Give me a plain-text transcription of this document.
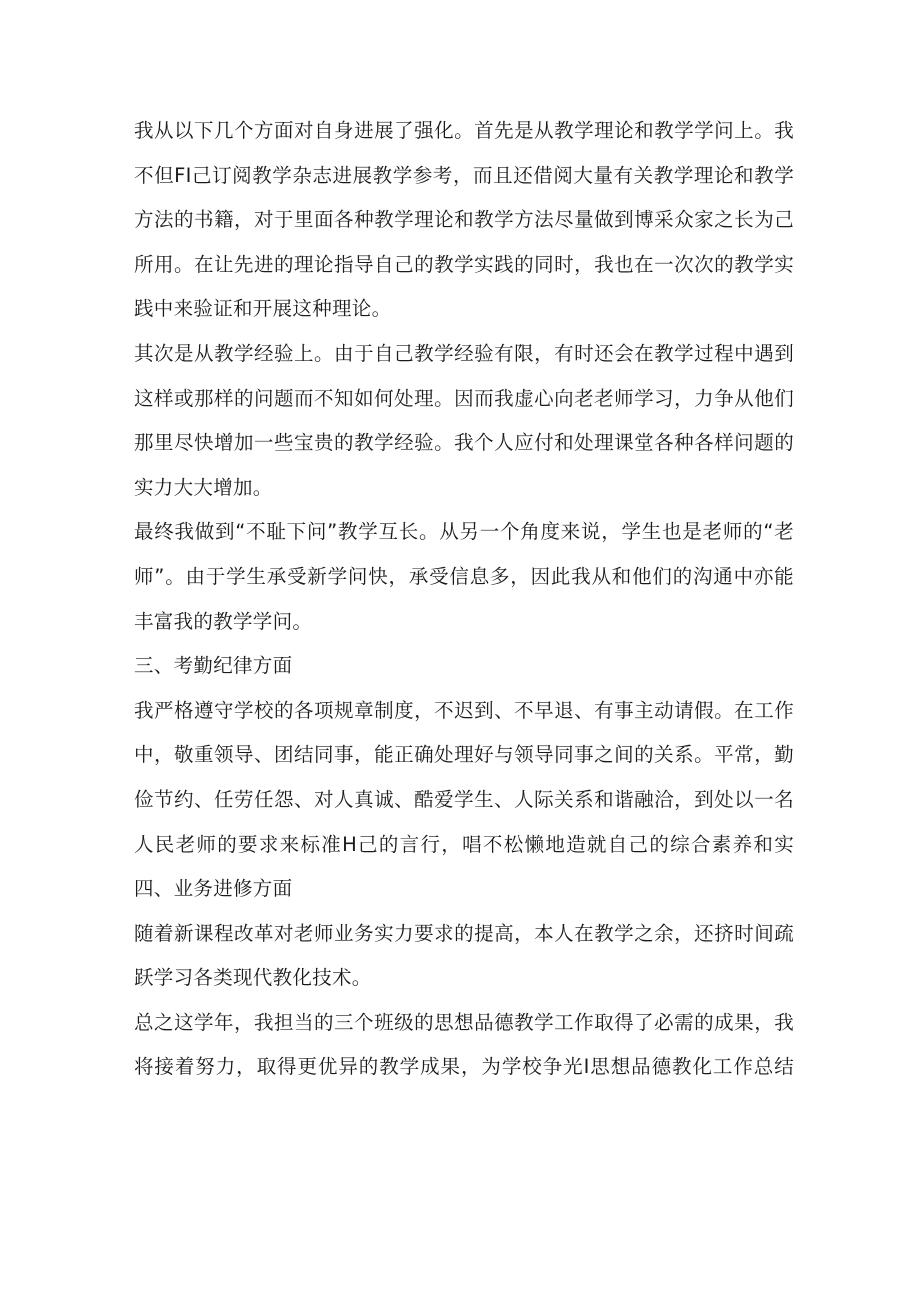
我从以下几个方面对自身进展了强化。首先是从教学理论和教学学问上。我
不但FI己订阅教学杂志进展教学参考，而且还借阅大量有关教学理论和教学
方法的书籍，对于里面各种教学理论和教学方法尽量做到博采众家之长为己
所用。在让先进的理论指导自己的教学实践的同时，我也在一次次的教学实
践中来验证和开展这种理论。
其次是从教学经验上。由于自己教学经验有限，有时还会在教学过程中遇到
这样或那样的问题而不知如何处理。因而我虚心向老老师学习，力争从他们
那里尽快增加一些宝贵的教学经验。我个人应付和处理课堂各种各样问题的
实力大大增加。
最终我做到“不耻下问”教学互长。从另一个角度来说，学生也是老师的“老
师”。由于学生承受新学问快，承受信息多，因此我从和他们的沟通中亦能
丰富我的教学学问。
三、考勤纪律方面
我严格遵守学校的各项规章制度，不迟到、不早退、有事主动请假。在工作
中，敬重领导、团结同事，能正确处理好与领导同事之间的关系。平常，勤
俭节约、任劳任怨、对人真诚、酷爱学生、人际关系和谐融洽，到处以一名
人民老师的要求来标准H己的言行，唱不松懒地造就自己的综合素养和实
四、业务进修方面
随着新课程改革对老师业务实力要求的提高，本人在教学之余，还挤时间疏
跃学习各类现代教化技术。
总之这学年，我担当的三个班级的思想品德教学工作取得了必需的成果，我
将接着努力，取得更优异的教学成果，为学校争光I思想品德教化工作总结
